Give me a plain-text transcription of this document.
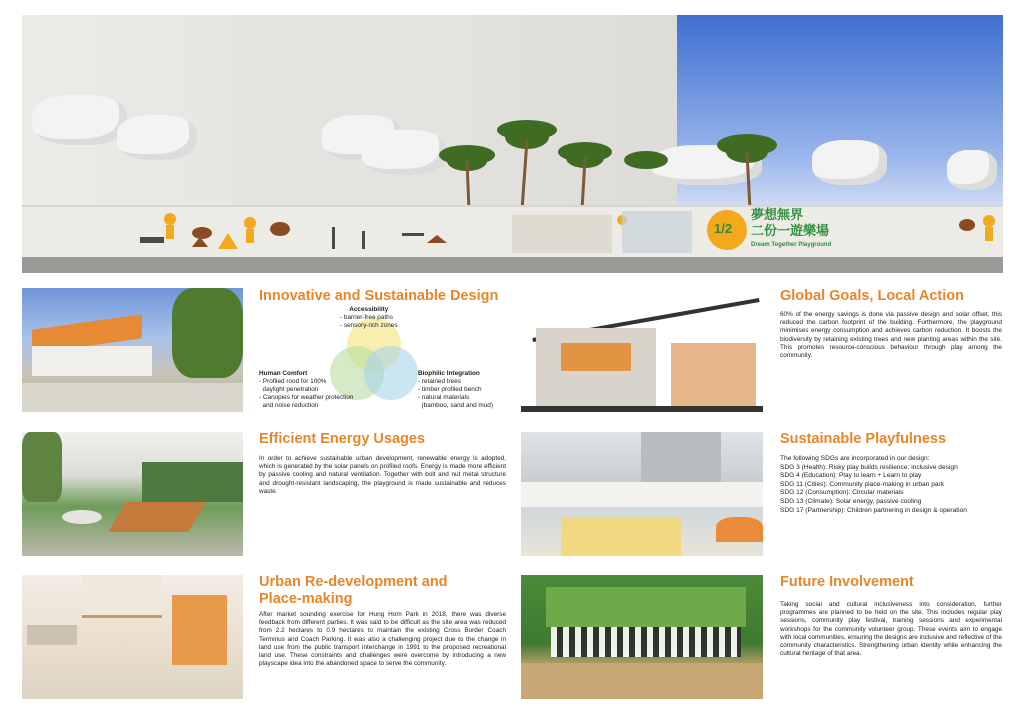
1/2
夢想無界
二份一遊樂場
Dream Together Playground
Innovative and Sustainable Design
Accessibility
- barrier-free paths
- sensory-rich zones
Human Comfort
- Profiled rood for 100%
daylight penetration
- Canopies for weather protection
and noise reduction
Biophilic Integration
- retained trees
- timber profiled bench
- natural materials
(bamboo, sand and mud)
Efficient Energy Usages

In order to achieve sustainable urban development, renewable energy is adopted, which is generated by the solar panels on profiled roofs. Energy is made more efficient by passive cooling and natural ventilation. Together with bolt and nut metal structure and drought-resistant landscaping, the playground is made sustainable and reduces waste.

Urban Re-development and
Place-making

After market sounding exercise for Hung Hom Park in 2018, there was diverse feedback from different parties. It was said to be difficult as the site area was reduced from 2.2 hectares to 0.9 hectares to maintain the existing Cross Border Coach Terminus and Coach Parking. It was also a challenging project due to the change in land use from the public transport interchange in 1991 to the proposed recreational land use. These constraints and challenges were overcome by introducing a new playscape idea into the abandoned space to serve the community.

Global Goals, Local Action

60% of the energy savings is done via passive design and solar offset, this reduced the carbon footprint of the building. Furthermore, the playground minimises energy consumption and achieves carbon reduction. It boosts the biodiversity by retaining existing trees and new planting areas within the site. This promotes resource-conscious behaviour through play among the community.

Sustainable Playfulness
The following SDGs are incorporated in our design:
SDG 3 (Health): Risky play builds resilience; inclusive design
SDG 4 (Education): Play to learn + Learn to play
SDG 11 (Cities): Community place-making in urban park
SDG 12 (Consumption): Circular materials
SDG 13 (Climate): Solar energy, passive cooling
SDG 17 (Partnership): Children partnering in design & operation
Future Involvement

Taking social and cultural inclusiveness into consideration, further programmes are planned to be held on the site. This includes regular play sessions, community play festival, training sessions and experimental workshops for the community volunteer group. These events aim to engage with local communities, ensuring the designs are inclusive and reflective of the community characteristics. Strengthening urban identity while enhancing the cultural heritage of that area.
